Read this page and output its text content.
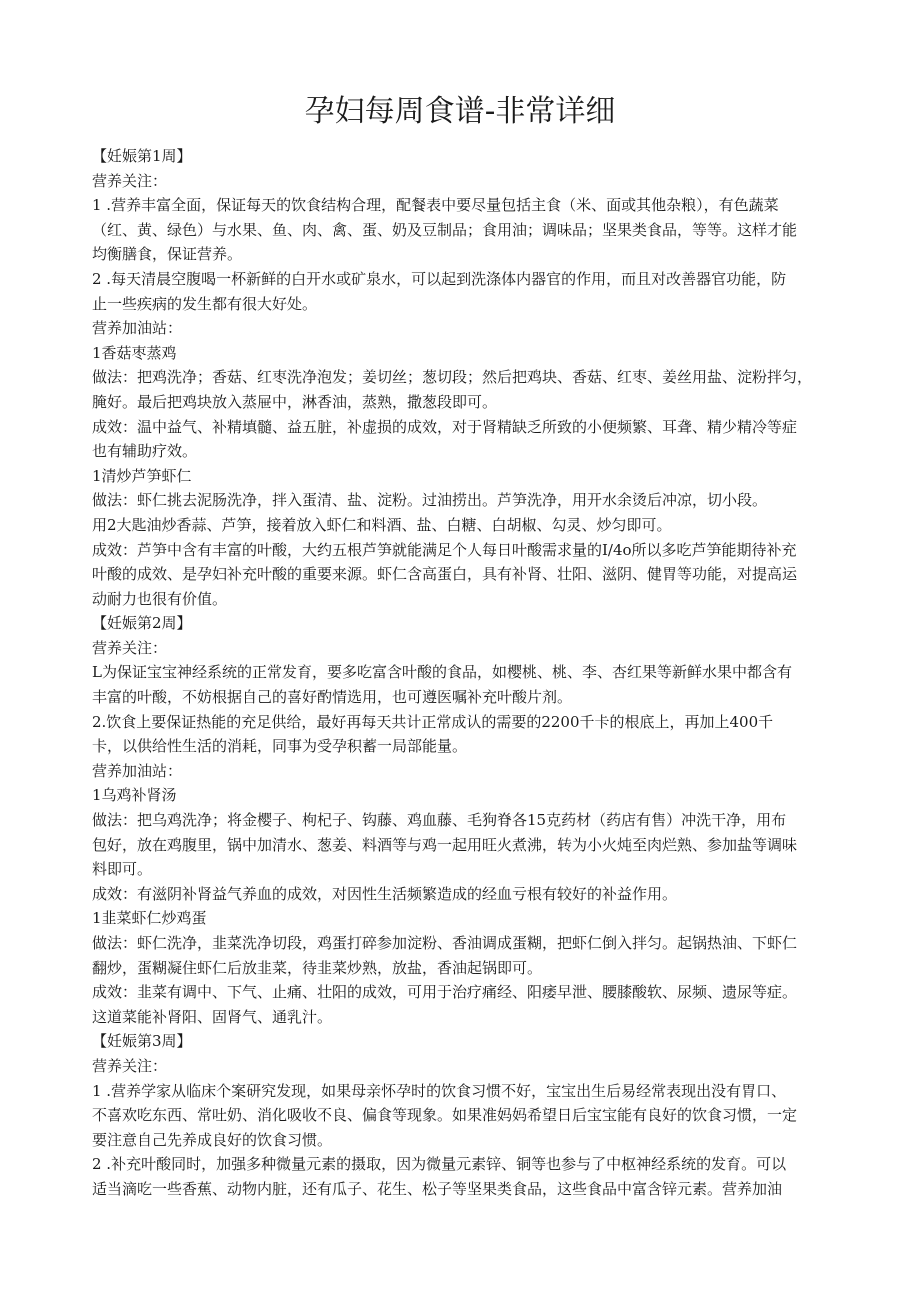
孕妇每周食谱-非常详细
【妊娠第1周】
营养关注：
1 .营养丰富全面，保证每天的饮食结构合理，配餐表中要尽量包括主食（米、面或其他杂粮），有色蔬菜
（红、黄、绿色）与水果、鱼、肉、禽、蛋、奶及豆制品；食用油；调味品；坚果类食品，等等。这样才能
均衡膳食，保证营养。
2 .每天清晨空腹喝一杯新鲜的白开水或矿泉水，可以起到洗涤体内器官的作用，而且对改善器官功能，防
止一些疾病的发生都有很大好处。
营养加油站：
1香菇枣蒸鸡
做法：把鸡洗净；香菇、红枣洗净泡发；姜切丝；葱切段；然后把鸡块、香菇、红枣、姜丝用盐、淀粉拌匀，
腌好。最后把鸡块放入蒸屉中，淋香油，蒸熟，撒葱段即可。
成效：温中益气、补精填髓、益五脏，补虚损的成效，对于肾精缺乏所致的小便频繁、耳聋、精少精冷等症
也有辅助疗效。
1清炒芦笋虾仁
做法：虾仁挑去泥肠洗净，拌入蛋清、盐、淀粉。过油捞出。芦笋洗净，用开水余烫后冲凉，切小段。
用2大匙油炒香蒜、芦笋，接着放入虾仁和料酒、盐、白糖、白胡椒、勾灵、炒匀即可。
成效：芦笋中含有丰富的叶酸，大约五根芦笋就能满足个人每日叶酸需求量的I/4o所以多吃芦笋能期待补充
叶酸的成效、是孕妇补充叶酸的重要来源。虾仁含高蛋白，具有补肾、壮阳、滋阴、健胃等功能，对提高运
动耐力也很有价值。
【妊娠第2周】
营养关注：
L为保证宝宝神经系统的正常发育，要多吃富含叶酸的食品，如樱桃、桃、李、杏红果等新鲜水果中都含有
丰富的叶酸，不妨根据自己的喜好酌情选用，也可遵医嘱补充叶酸片剂。
2.饮食上要保证热能的充足供给，最好再每天共计正常成认的需要的2200千卡的根底上，再加上400千
卡，以供给性生活的消耗，同事为受孕积蓄一局部能量。
营养加油站：
1乌鸡补肾汤
做法：把乌鸡洗净；将金樱子、枸杞子、钩藤、鸡血藤、毛狗脊各15克药材（药店有售）冲洗干净，用布
包好，放在鸡腹里，锅中加清水、葱姜、料酒等与鸡一起用旺火煮沸，转为小火炖至肉烂熟、参加盐等调味
料即可。
成效：有滋阴补肾益气养血的成效，对因性生活频繁造成的经血亏根有较好的补益作用。
1韭菜虾仁炒鸡蛋
做法：虾仁洗净，韭菜洗净切段，鸡蛋打碎参加淀粉、香油调成蛋糊，把虾仁倒入拌匀。起锅热油、下虾仁
翻炒，蛋糊凝住虾仁后放韭菜，待韭菜炒熟，放盐，香油起锅即可。
成效：韭菜有调中、下气、止痛、壮阳的成效，可用于治疗痛经、阳痿早泄、腰膝酸软、尿频、遗尿等症。
这道菜能补肾阳、固肾气、通乳汁。
【妊娠第3周】
营养关注：
1 .营养学家从临床个案研究发现，如果母亲怀孕时的饮食习惯不好，宝宝出生后易经常表现出没有胃口、
不喜欢吃东西、常吐奶、消化吸收不良、偏食等现象。如果准妈妈希望日后宝宝能有良好的饮食习惯，一定
要注意自己先养成良好的饮食习惯。
2 .补充叶酸同时，加强多种微量元素的摄取，因为微量元素锌、铜等也参与了中枢神经系统的发育。可以
适当滴吃一些香蕉、动物内脏，还有瓜子、花生、松子等坚果类食品，这些食品中富含锌元素。营养加油
